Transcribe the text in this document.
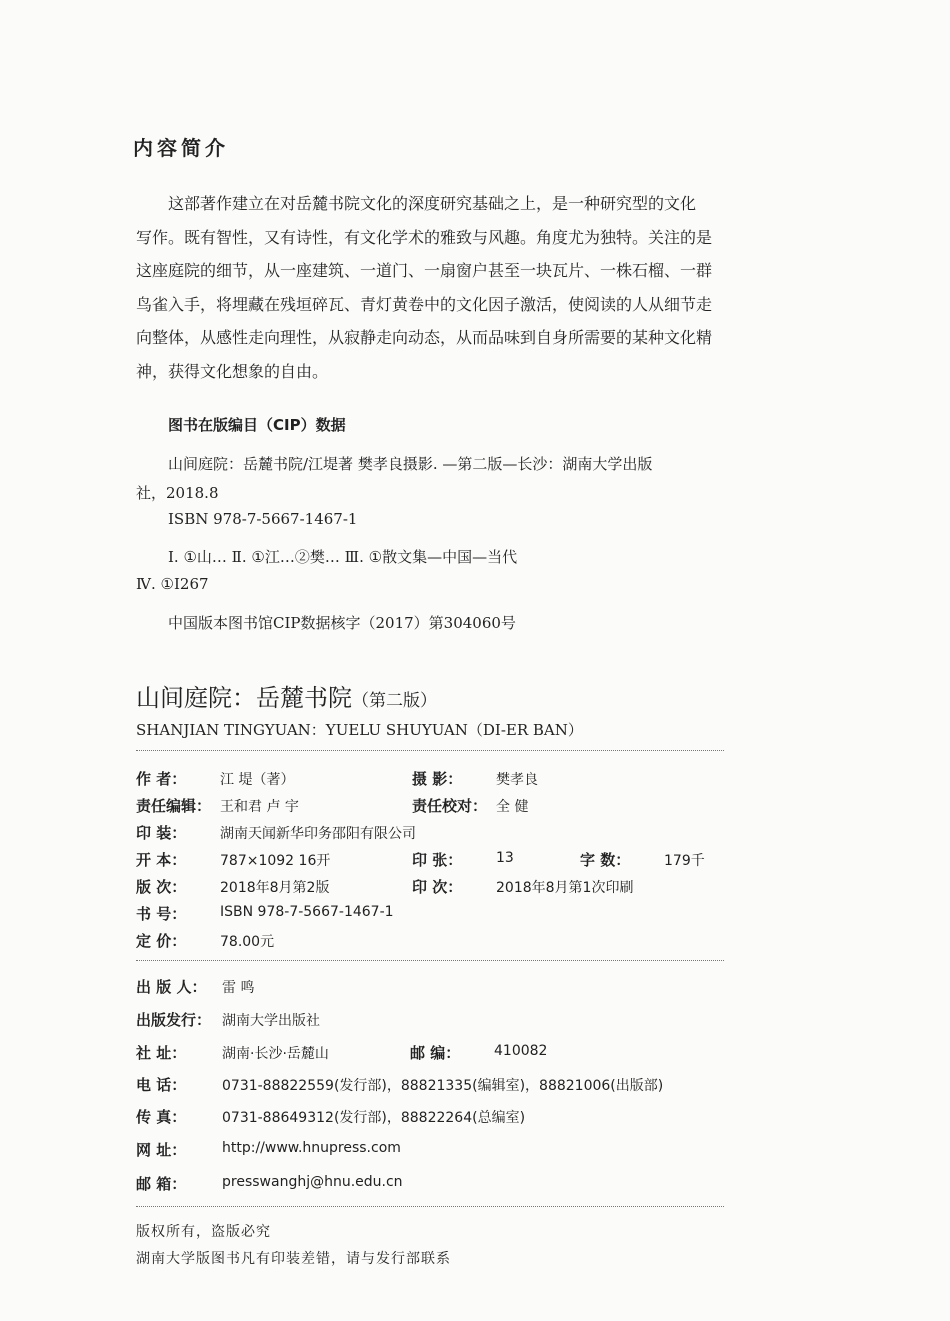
内容简介
这部著作建立在对岳麓书院文化的深度研究基础之上，是一种研究型的文化
写作。既有智性，又有诗性，有文化学术的雅致与风趣。角度尤为独特。关注的是
这座庭院的细节，从一座建筑、一道门、一扇窗户甚至一块瓦片、一株石榴、一群
鸟雀入手，将埋藏在残垣碎瓦、青灯黄卷中的文化因子激活，使阅读的人从细节走
向整体，从感性走向理性，从寂静走向动态，从而品味到自身所需要的某种文化精
神，获得文化想象的自由。
图书在版编目（CIP）数据
山间庭院：岳麓书院/江堤著 樊孝良摄影. —第二版—长沙：湖南大学出版
社，2018.8
ISBN 978-7-5667-1467-1
Ⅰ. ①山… Ⅱ. ①江…②樊… Ⅲ. ①散文集—中国—当代
Ⅳ. ①I267
中国版本图书馆CIP数据核字（2017）第304060号
山间庭院：岳麓书院（第二版）
SHANJIAN TINGYUAN：YUELU SHUYUAN（DI-ER BAN）
作 者： 江 堤（著）	摄 影： 樊孝良
责任编辑： 王和君 卢 宇	责任校对： 全 健
印 装： 湖南天闻新华印务邵阳有限公司
开 本： 787×1092 16开	印 张： 13	字 数： 179千
版 次： 2018年8月第2版	印 次： 2018年8月第1次印刷
书 号： ISBN 978-7-5667-1467-1
定 价： 78.00元
出 版 人： 雷 鸣
出版发行： 湖南大学出版社
社 址：	湖南·长沙·岳麓山	邮 编： 410082
电 话：	0731-88822559(发行部)，88821335(编辑室)，88821006(出版部)
传 真：	0731-88649312(发行部)，88822264(总编室)
网 址：	http://www.hnupress.com
邮 箱：	presswanghj@hnu.edu.cn
版权所有，盗版必究
湖南大学版图书凡有印装差错，请与发行部联系
